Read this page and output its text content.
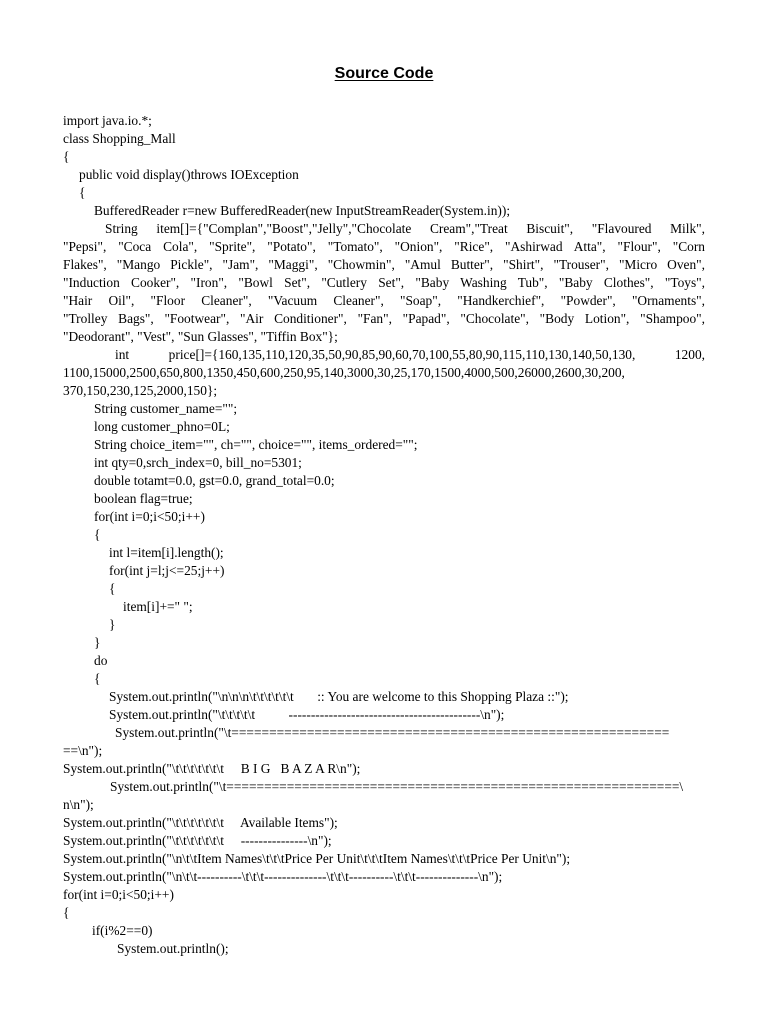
Source Code
import java.io.*;
class Shopping_Mall
{
public void display()throws IOException
{
BufferedReader r=new BufferedReader(new InputStreamReader(System.in));
String item[]={"Complan","Boost","Jelly","Chocolate Cream","Treat Biscuit", "Flavoured Milk",
"Pepsi", "Coca Cola", "Sprite", "Potato", "Tomato", "Onion", "Rice", "Ashirwad Atta", "Flour", "Corn
Flakes", "Mango Pickle", "Jam", "Maggi", "Chowmin", "Amul Butter", "Shirt", "Trouser", "Micro Oven",
"Induction Cooker", "Iron", "Bowl Set", "Cutlery Set", "Baby Washing Tub", "Baby Clothes", "Toys",
"Hair Oil", "Floor Cleaner", "Vacuum Cleaner", "Soap", "Handkerchief", "Powder", "Ornaments",
"Trolley Bags", "Footwear", "Air Conditioner", "Fan", "Papad", "Chocolate", "Body Lotion", "Shampoo",
"Deodorant", "Vest", "Sun Glasses", "Tiffin Box"};
int price[]={160,135,110,120,35,50,90,85,90,60,70,100,55,80,90,115,110,130,140,50,130, 1200,
1100,15000,2500,650,800,1350,450,600,250,95,140,3000,30,25,170,1500,4000,500,26000,2600,30,200,
370,150,230,125,2000,150};
String customer_name="";
long customer_phno=0L;
String choice_item="", ch="", choice="", items_ordered="";
int qty=0,srch_index=0, bill_no=5301;
double totamt=0.0, gst=0.0, grand_total=0.0;
boolean flag=true;
for(int i=0;i<50;i++)
{
int l=item[i].length();
for(int j=l;j<=25;j++)
{
item[i]+=" ";
}
}
do
{
System.out.println("\n\n\n\t\t\t\t\t\t       :: You are welcome to this Shopping Plaza ::");
System.out.println("\t\t\t\t\t          -------------------------------------------\n");
System.out.println("\t==========================================================
==\n");
System.out.println("\t\t\t\t\t\t\t     B I G   B A Z A R\n");
System.out.println("\t============================================================\
n\n");
System.out.println("\t\t\t\t\t\t\t     Available Items");
System.out.println("\t\t\t\t\t\t\t     ---------------\n");
System.out.println("\n\t\tItem Names\t\t\tPrice Per Unit\t\t\tItem Names\t\t\tPrice Per Unit\n");
System.out.println("\n\t\t----------\t\t\t--------------\t\t\t----------\t\t\t--------------\n");
for(int i=0;i<50;i++)
{
if(i%2==0)
System.out.println();
